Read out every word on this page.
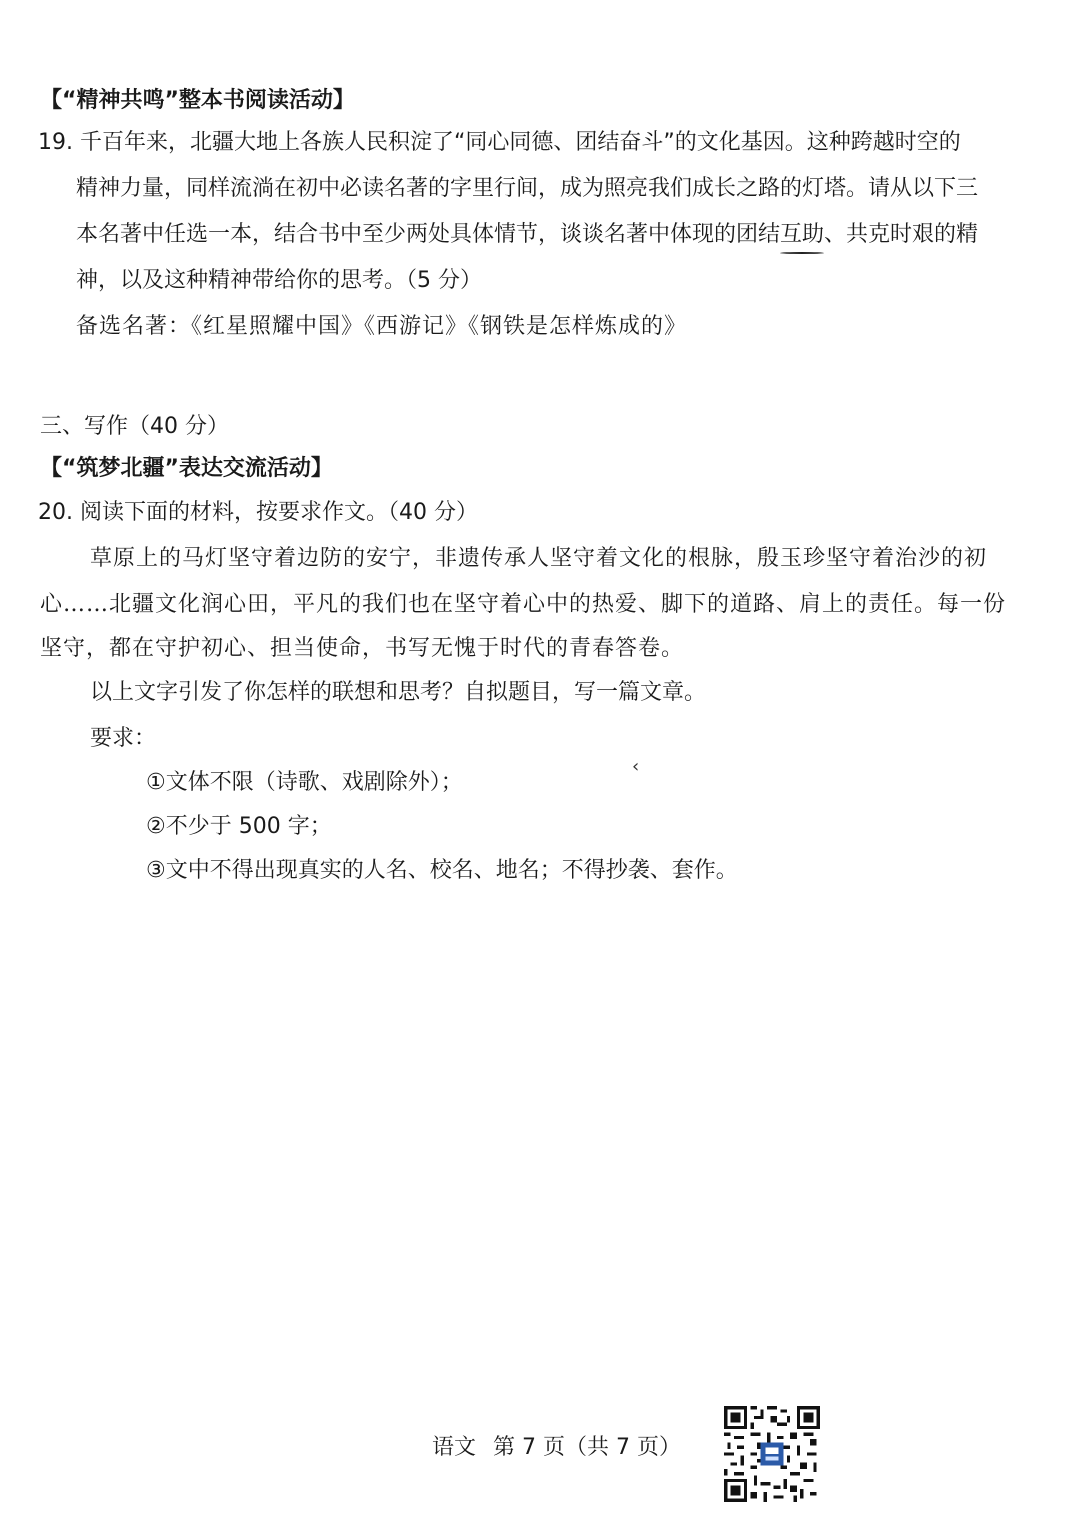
【“精神共鸣”整本书阅读活动】
19. 千百年来，北疆大地上各族人民积淀了“同心同德、团结奋斗”的文化基因。这种跨越时空的
精神力量，同样流淌在初中必读名著的字里行间，成为照亮我们成长之路的灯塔。请从以下三
本名著中任选一本，结合书中至少两处具体情节，谈谈名著中体现的团结互助、共克时艰的精
神，以及这种精神带给你的思考。（5 分）
备选名著：《红星照耀中国》《西游记》《钢铁是怎样炼成的》
三、写作（40 分）
【“筑梦北疆”表达交流活动】
20. 阅读下面的材料，按要求作文。（40 分）
草原上的马灯坚守着边防的安宁，非遗传承人坚守着文化的根脉，殷玉珍坚守着治沙的初
心……北疆文化润心田，平凡的我们也在坚守着心中的热爱、脚下的道路、肩上的责任。每一份
坚守，都在守护初心、担当使命，书写无愧于时代的青春答卷。
以上文字引发了你怎样的联想和思考？自拟题目，写一篇文章。
要求：
‹
①文体不限（诗歌、戏剧除外）；
②不少于 500 字；
③文中不得出现真实的人名、校名、地名；不得抄袭、套作。
语文 第 7 页（共 7 页）
